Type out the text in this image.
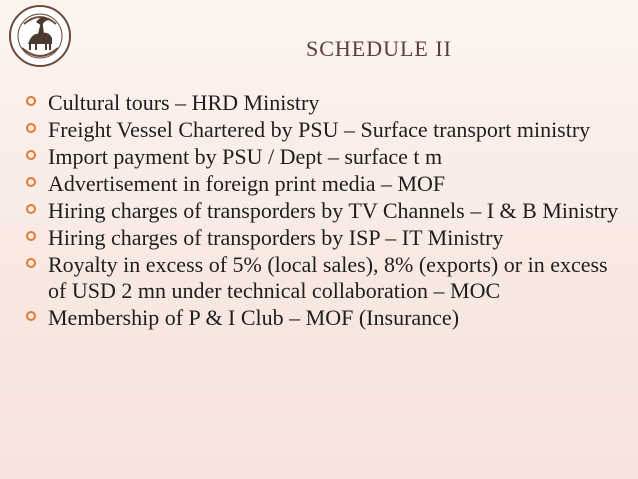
SCHEDULE II
Cultural tours – HRD Ministry
Freight Vessel Chartered by PSU – Surface transport ministry
Import payment by PSU / Dept – surface t m
Advertisement in foreign print media – MOF
Hiring charges of transporders by TV Channels – I & B Ministry
Hiring charges of transporders by ISP – IT Ministry
Royalty in excess of 5% (local sales), 8% (exports) or in excess of USD 2 mn under technical collaboration – MOC
Membership of P & I Club – MOF (Insurance)
